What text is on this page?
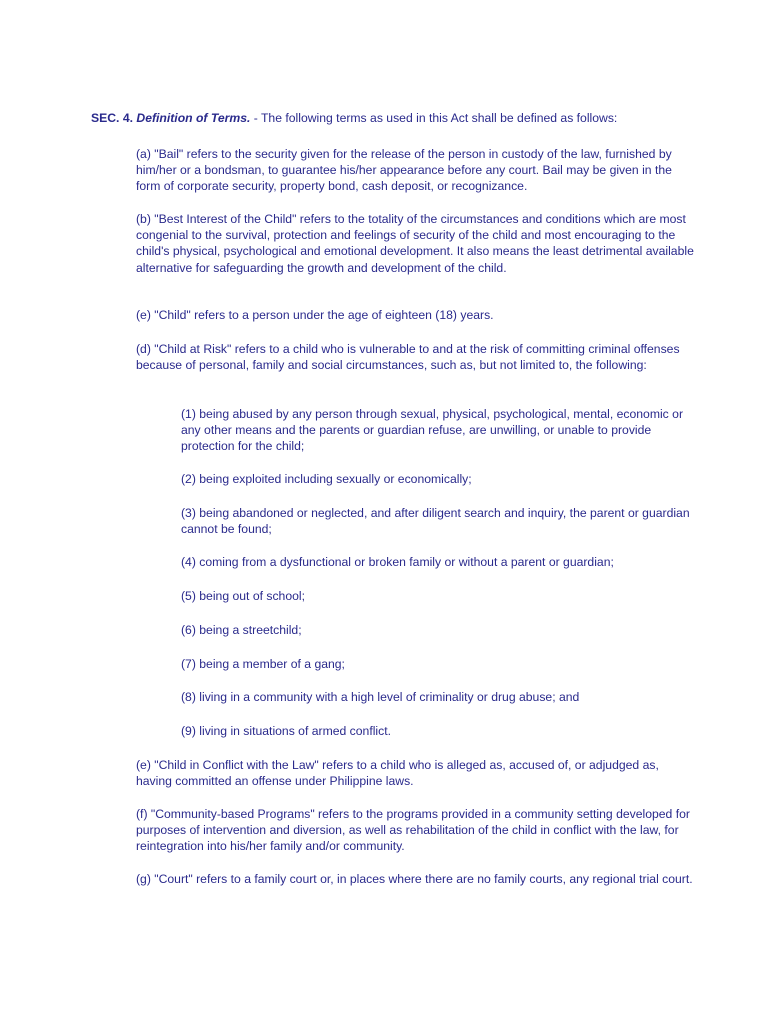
SEC. 4. Definition of Terms. - The following terms as used in this Act shall be defined as follows:

(a) "Bail" refers to the security given for the release of the person in custody of the law, furnished by him/her or a bondsman, to guarantee his/her appearance before any court. Bail may be given in the form of corporate security, property bond, cash deposit, or recognizance.

(b) "Best Interest of the Child" refers to the totality of the circumstances and conditions which are most congenial to the survival, protection and feelings of security of the child and most encouraging to the child's physical, psychological and emotional development. It also means the least detrimental available alternative for safeguarding the growth and development of the child.

(e) "Child" refers to a person under the age of eighteen (18) years.

(d) "Child at Risk" refers to a child who is vulnerable to and at the risk of committing criminal offenses because of personal, family and social circumstances, such as, but not limited to, the following:

(1) being abused by any person through sexual, physical, psychological, mental, economic or any other means and the parents or guardian refuse, are unwilling, or unable to provide protection for the child;

(2) being exploited including sexually or economically;

(3) being abandoned or neglected, and after diligent search and inquiry, the parent or guardian cannot be found;

(4) coming from a dysfunctional or broken family or without a parent or guardian;

(5) being out of school;

(6) being a streetchild;

(7) being a member of a gang;

(8) living in a community with a high level of criminality or drug abuse; and

(9) living in situations of armed conflict.

(e) "Child in Conflict with the Law" refers to a child who is alleged as, accused of, or adjudged as, having committed an offense under Philippine laws.

(f) "Community-based Programs" refers to the programs provided in a community setting developed for purposes of intervention and diversion, as well as rehabilitation of the child in conflict with the law, for reintegration into his/her family and/or community.

(g) "Court" refers to a family court or, in places where there are no family courts, any regional trial court.
